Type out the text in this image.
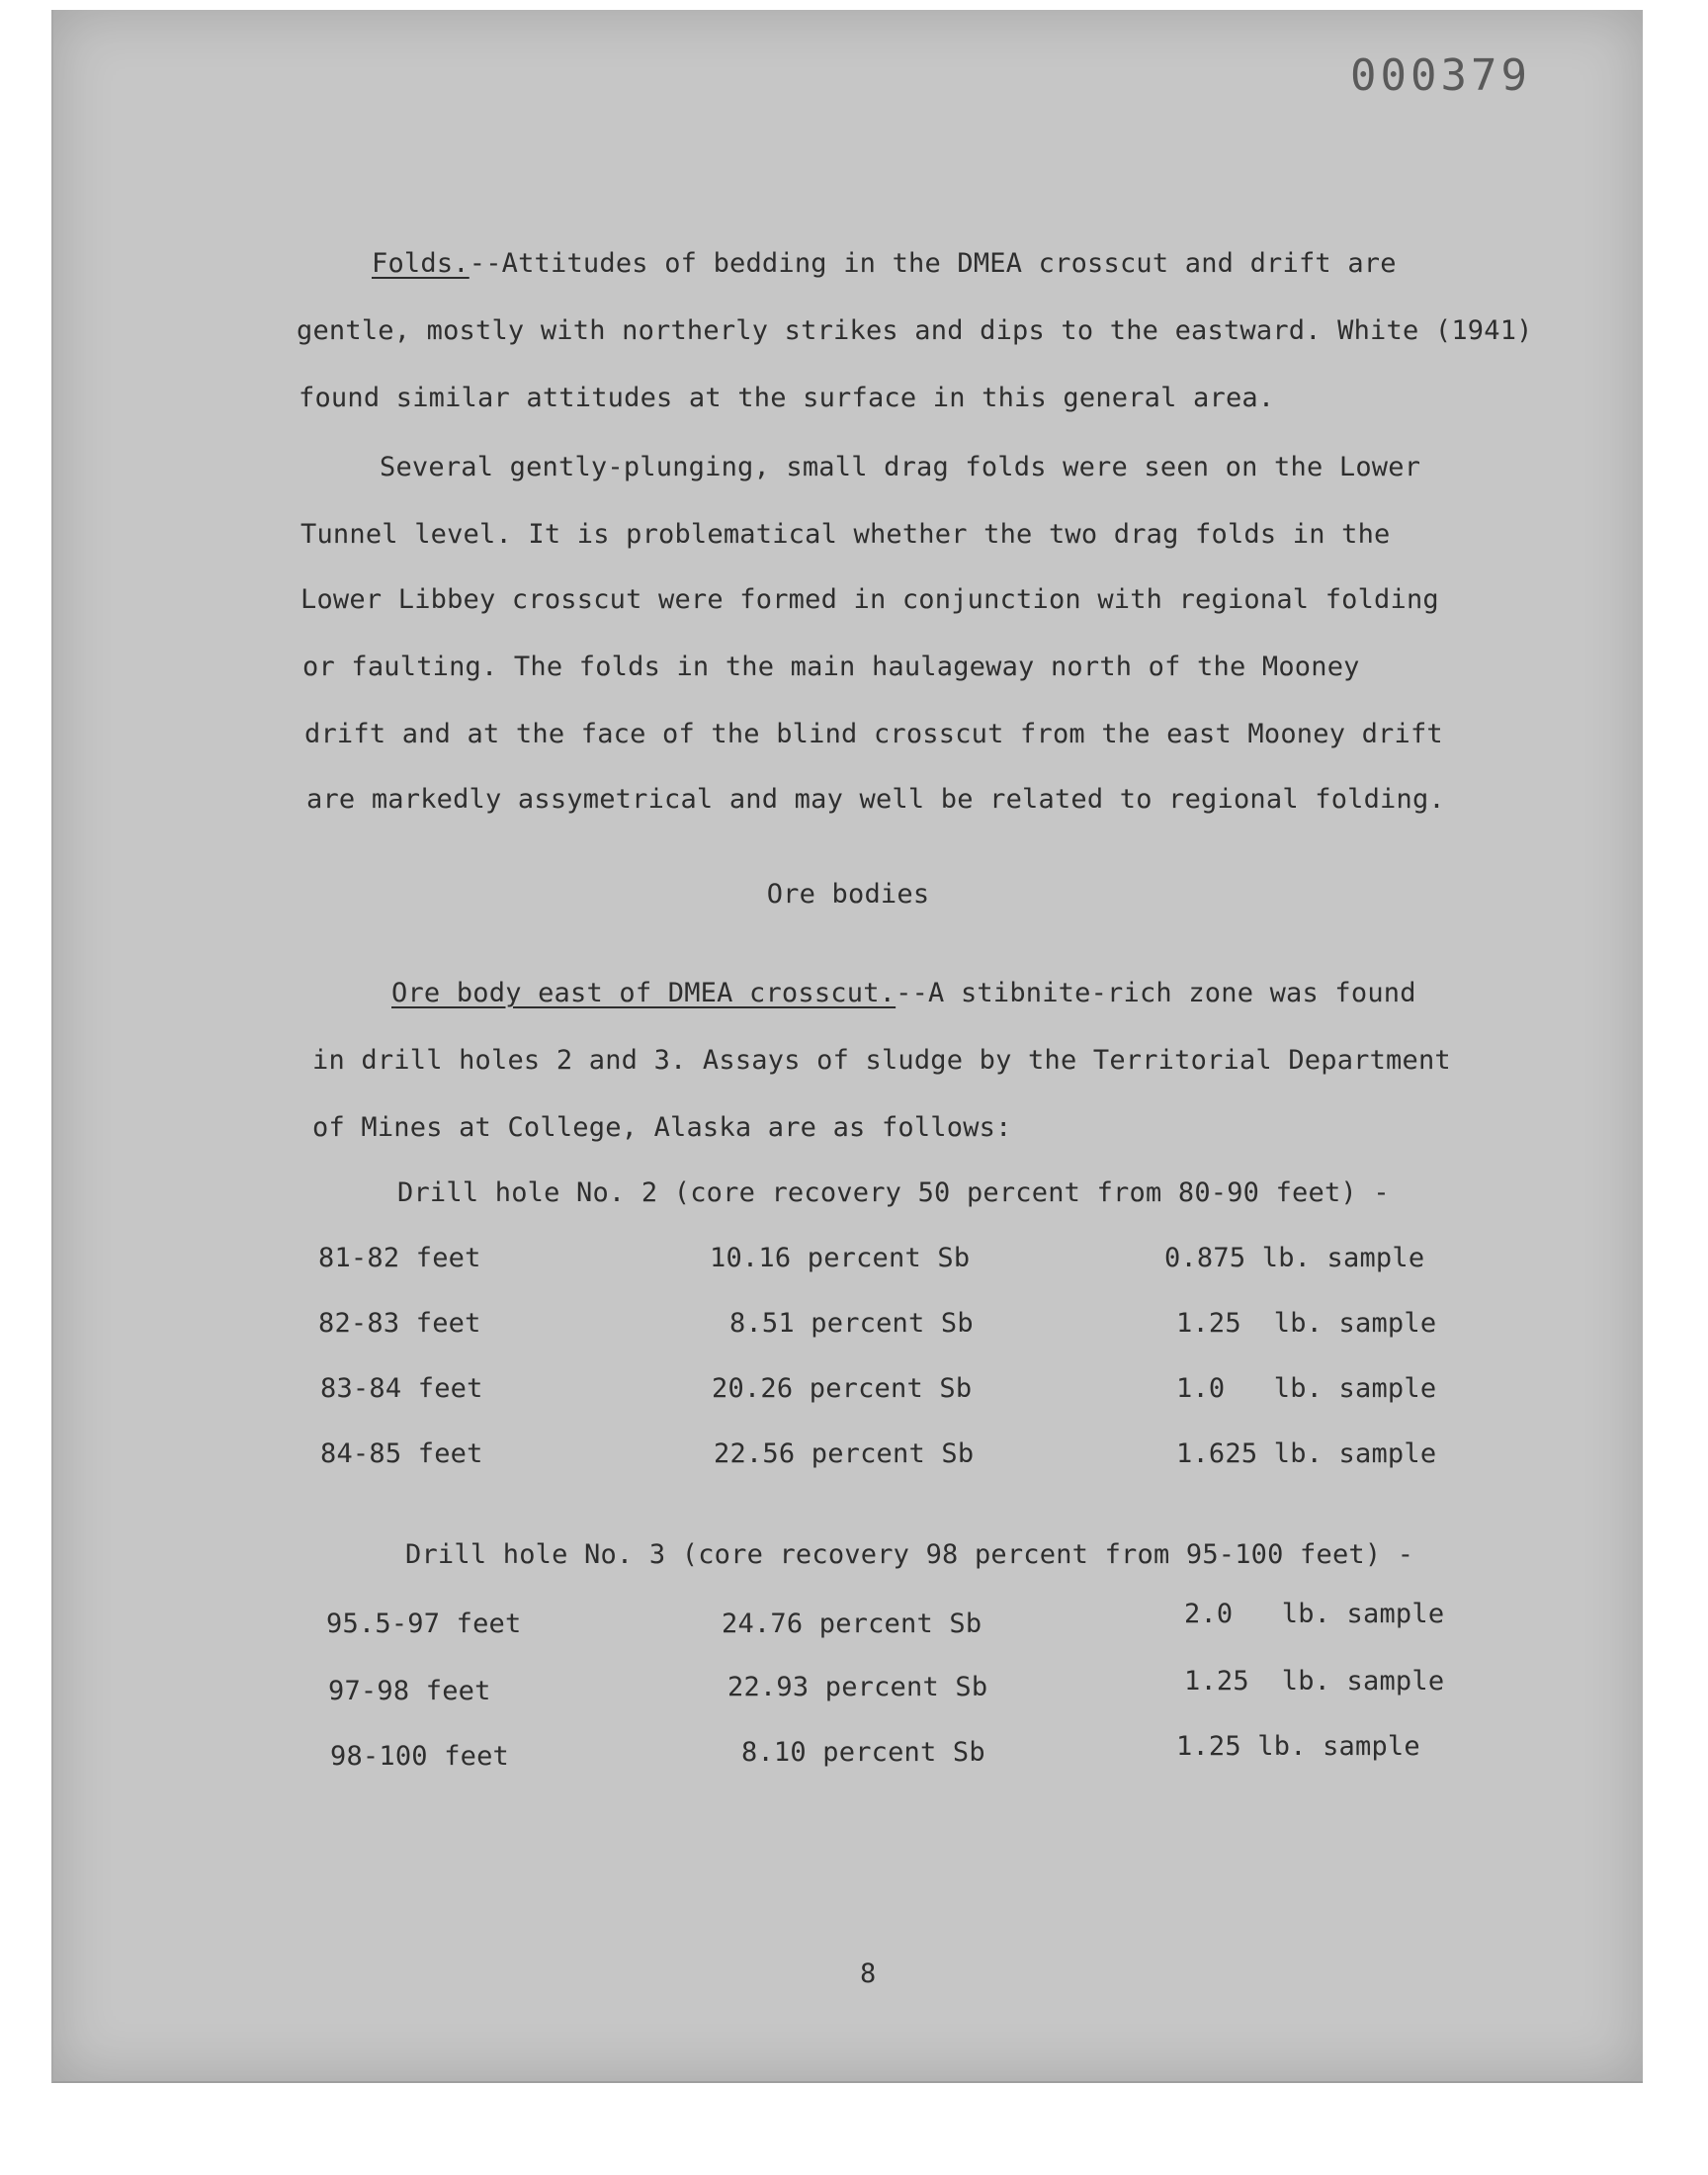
000379
Folds.--Attitudes of bedding in the DMEA crosscut and drift are
gentle, mostly with northerly strikes and dips to the eastward. White (1941)
found similar attitudes at the surface in this general area.
Several gently-plunging, small drag folds were seen on the Lower
Tunnel level. It is problematical whether the two drag folds in the
Lower Libbey crosscut were formed in conjunction with regional folding
or faulting. The folds in the main haulageway north of the Mooney
drift and at the face of the blind crosscut from the east Mooney drift
are markedly assymetrical and may well be related to regional folding.
Ore bodies
Ore body east of DMEA crosscut.--A stibnite-rich zone was found
in drill holes 2 and 3. Assays of sludge by the Territorial Department
of Mines at College, Alaska are as follows:
Drill hole No. 2 (core recovery 50 percent from 80-90 feet) -
81-82 feet	10.16 percent Sb	0.875 lb. sample
82-83 feet	8.51 percent Sb	1.25  lb. sample
83-84 feet	20.26 percent Sb	1.0   lb. sample
84-85 feet	22.56 percent Sb	1.625 lb. sample
Drill hole No. 3 (core recovery 98 percent from 95-100 feet) -
95.5-97 feet	24.76 percent Sb	2.0   lb. sample
97-98 feet	22.93 percent Sb	1.25  lb. sample
98-100 feet	8.10 percent Sb	1.25 lb. sample
8
